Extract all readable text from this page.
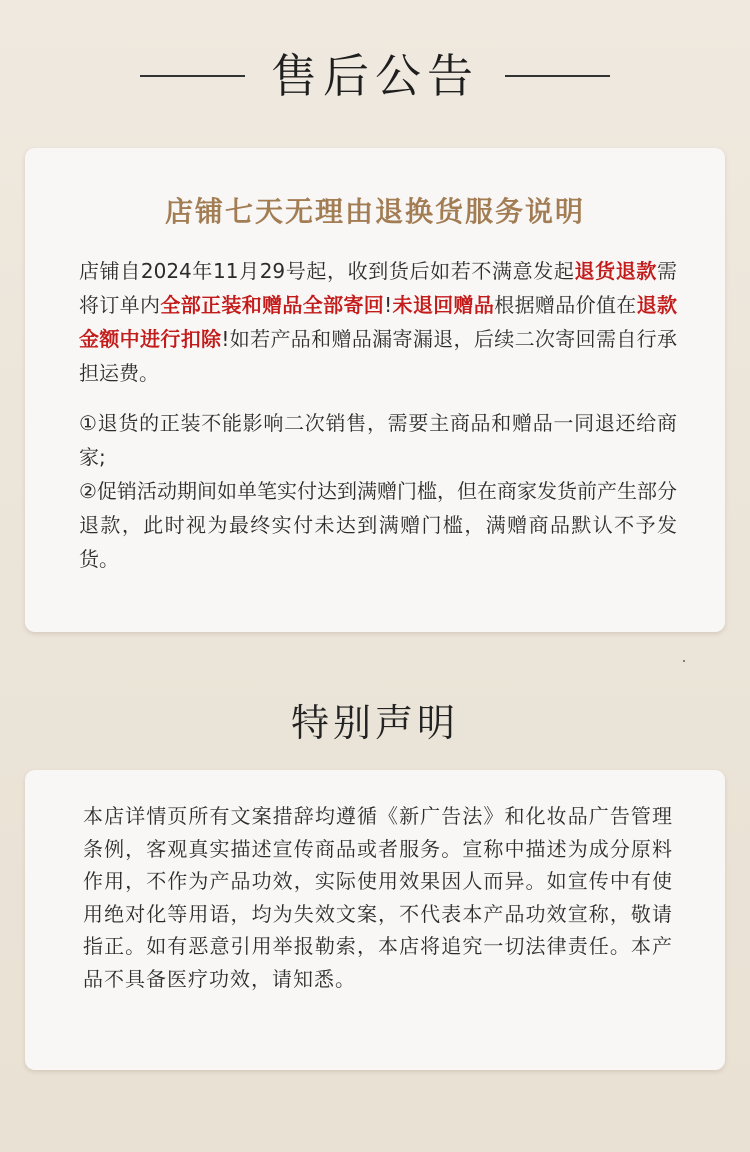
售后公告
店铺七天无理由退换货服务说明

店铺自2024年11月29号起，收到货后如若不满意发起退货退款需将订单内全部正装和赠品全部寄回!未退回赠品根据赠品价值在退款金额中进行扣除!如若产品和赠品漏寄漏退，后续二次寄回需自行承担运费。

①退货的正装不能影响二次销售，需要主商品和赠品一同退还给商家;

②促销活动期间如单笔实付达到满赠门槛，但在商家发货前产生部分退款，此时视为最终实付未达到满赠门槛，满赠商品默认不予发货。

特别声明

本店详情页所有文案措辞均遵循《新广告法》和化妆品广告管理条例，客观真实描述宣传商品或者服务。宣称中描述为成分原料作用，不作为产品功效，实际使用效果因人而异。如宣传中有使用绝对化等用语，均为失效文案，不代表本产品功效宣称，敬请指正。如有恶意引用举报勒索，本店将追究一切法律责任。本产品不具备医疗功效，请知悉。
